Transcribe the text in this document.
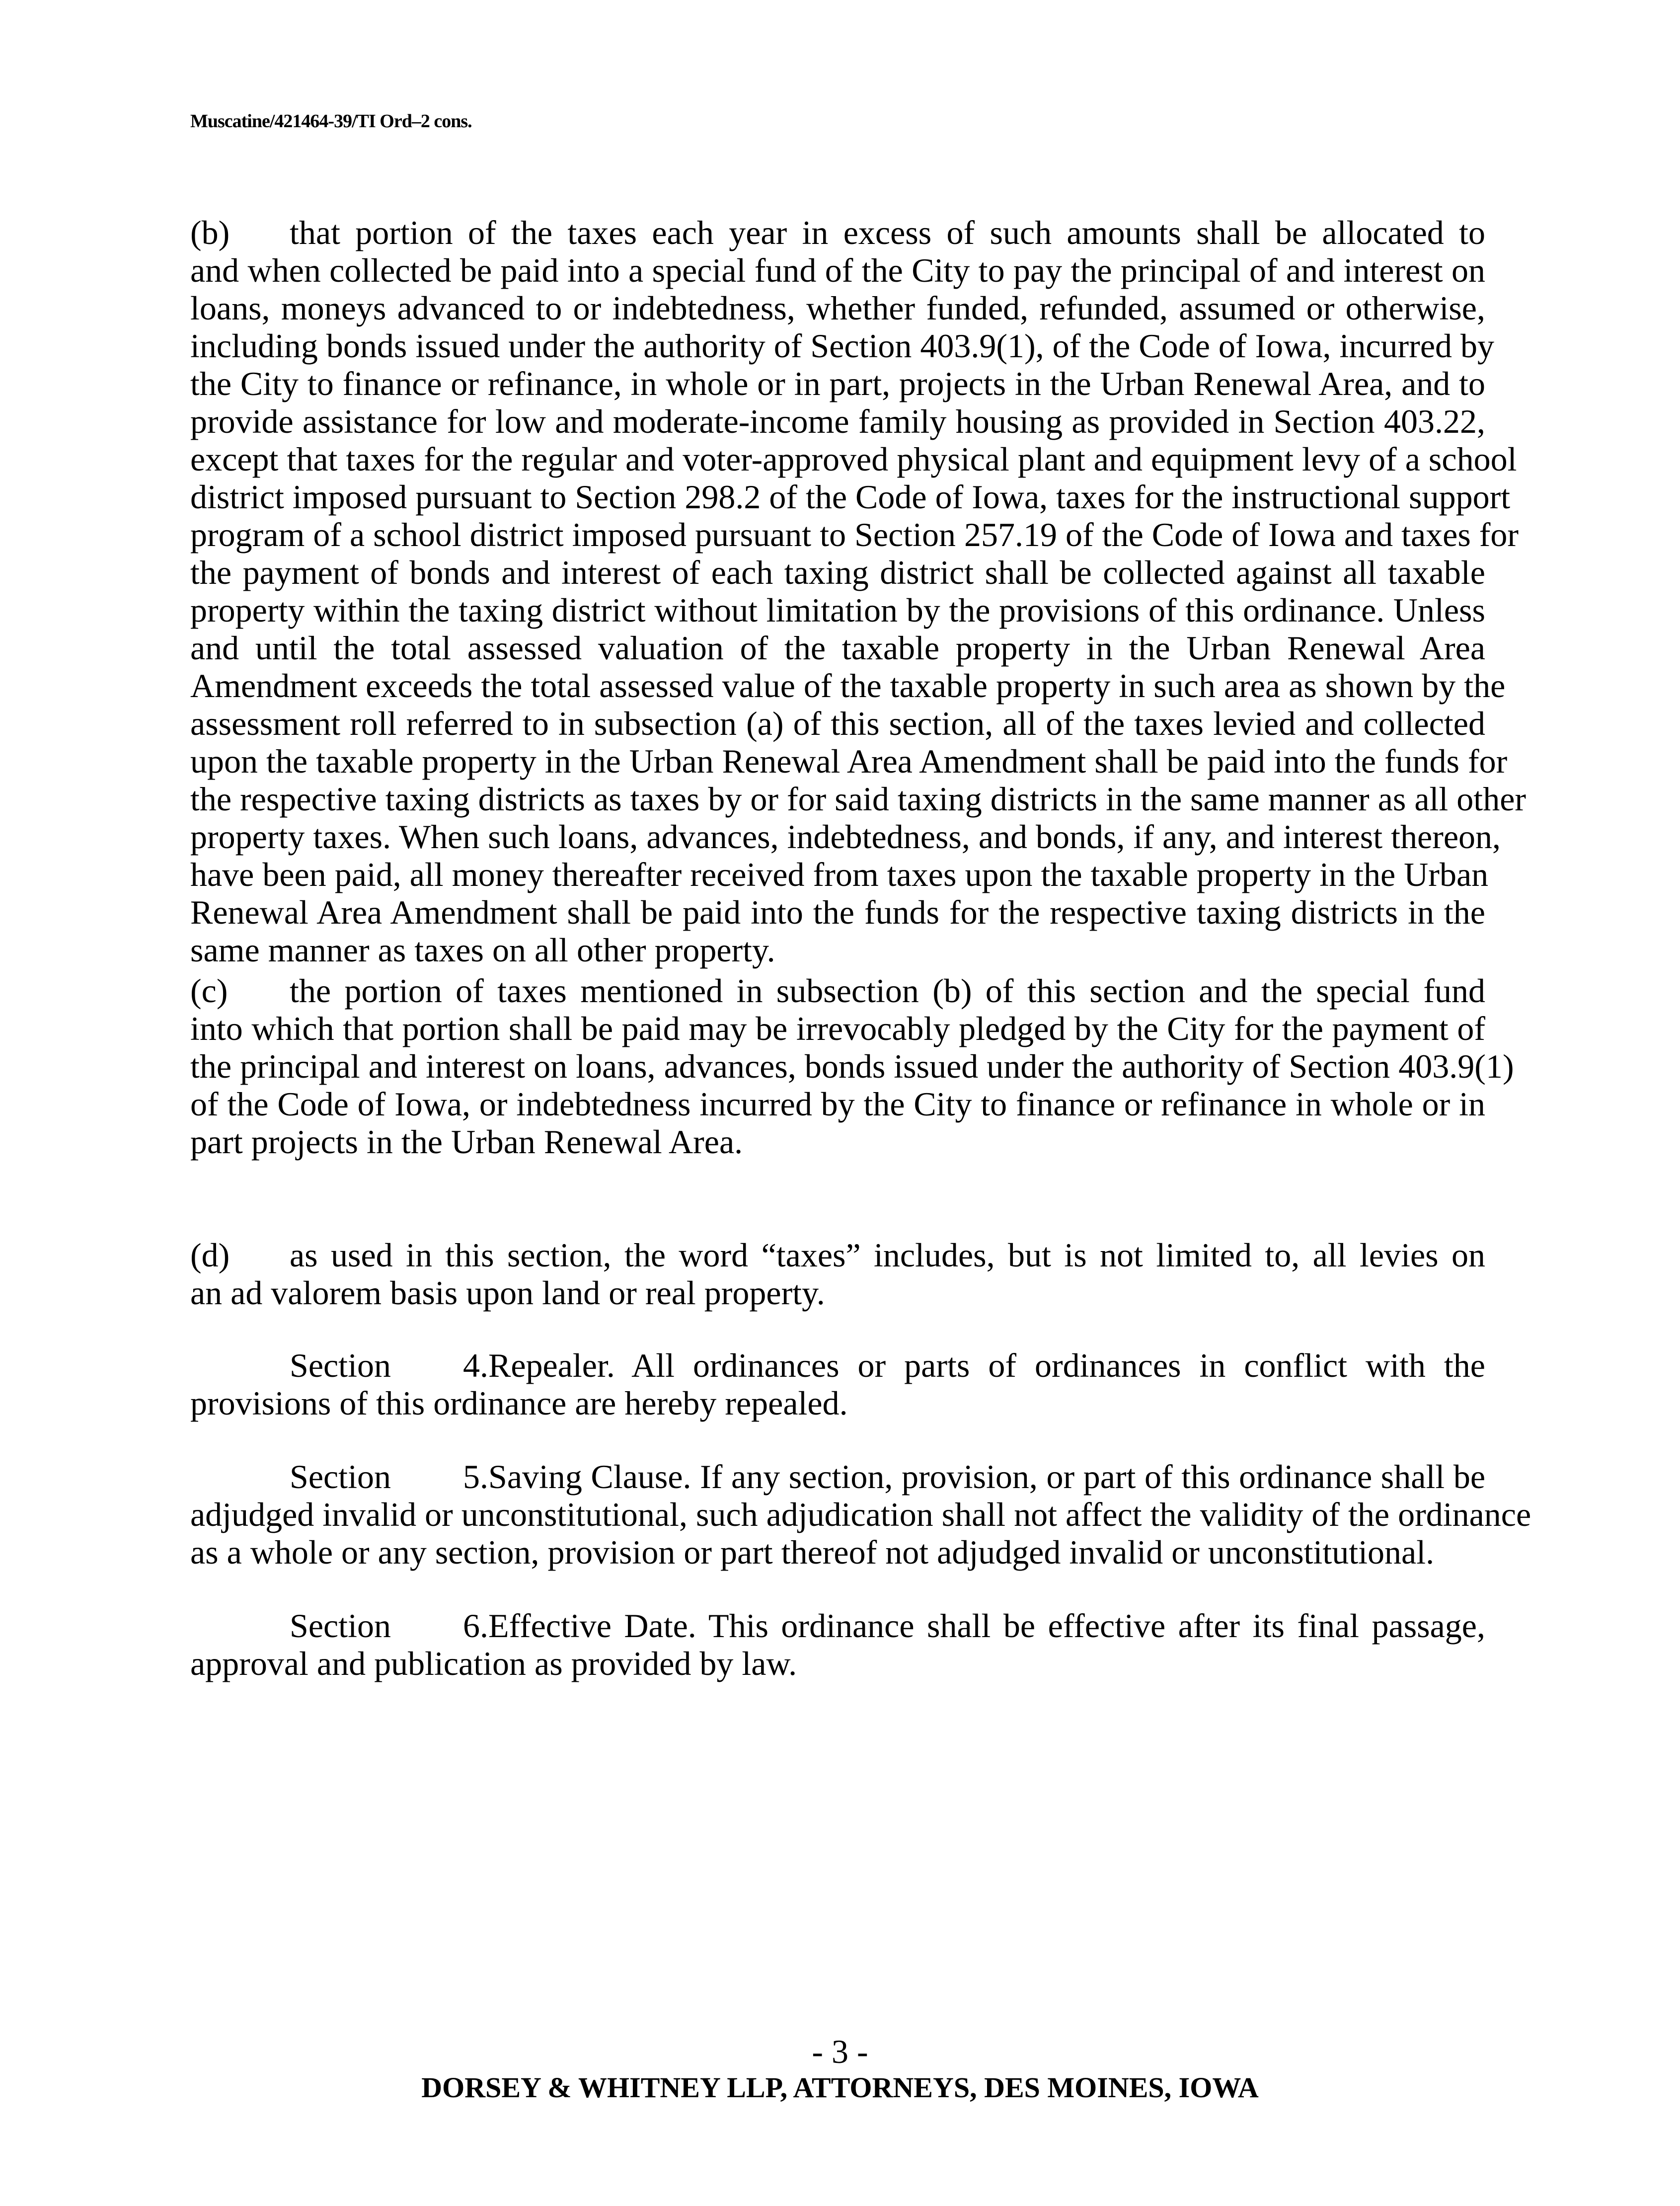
Muscatine/421464-39/TI Ord–2 cons.
(b)	that portion of the taxes each year in excess of such amounts shall be allocated to
and when collected be paid into a special fund of the City to pay the principal of and interest on
loans, moneys advanced to or indebtedness, whether funded, refunded, assumed or otherwise,
including bonds issued under the authority of Section 403.9(1), of the Code of Iowa, incurred by
the City to finance or refinance, in whole or in part, projects in the Urban Renewal Area, and to
provide assistance for low and moderate-income family housing as provided in Section 403.22,
except that taxes for the regular and voter-approved physical plant and equipment levy of a school
district imposed pursuant to Section 298.2 of the Code of Iowa, taxes for the instructional support
program of a school district imposed pursuant to Section 257.19 of the Code of Iowa and taxes for
the payment of bonds and interest of each taxing district shall be collected against all taxable
property within the taxing district without limitation by the provisions of this ordinance. Unless
and until the total assessed valuation of the taxable property in the Urban Renewal Area
Amendment exceeds the total assessed value of the taxable property in such area as shown by the
assessment roll referred to in subsection (a) of this section, all of the taxes levied and collected
upon the taxable property in the Urban Renewal Area Amendment shall be paid into the funds for
the respective taxing districts as taxes by or for said taxing districts in the same manner as all other
property taxes. When such loans, advances, indebtedness, and bonds, if any, and interest thereon,
have been paid, all money thereafter received from taxes upon the taxable property in the Urban
Renewal Area Amendment shall be paid into the funds for the respective taxing districts in the
same manner as taxes on all other property.
(c)	the portion of taxes mentioned in subsection (b) of this section and the special fund
into which that portion shall be paid may be irrevocably pledged by the City for the payment of
the principal and interest on loans, advances, bonds issued under the authority of Section 403.9(1)
of the Code of Iowa, or indebtedness incurred by the City to finance or refinance in whole or in
part projects in the Urban Renewal Area.
(d)	as used in this section, the word “taxes” includes, but is not limited to, all levies on
an ad valorem basis upon land or real property.
Section 4. Repealer. All ordinances or parts of ordinances in conflict with the
provisions of this ordinance are hereby repealed.
Section 5. Saving Clause. If any section, provision, or part of this ordinance shall be
adjudged invalid or unconstitutional, such adjudication shall not affect the validity of the ordinance
as a whole or any section, provision or part thereof not adjudged invalid or unconstitutional.
Section 6. Effective Date. This ordinance shall be effective after its final passage,
approval and publication as provided by law.
- 3 -
DORSEY & WHITNEY LLP, ATTORNEYS, DES MOINES, IOWA
